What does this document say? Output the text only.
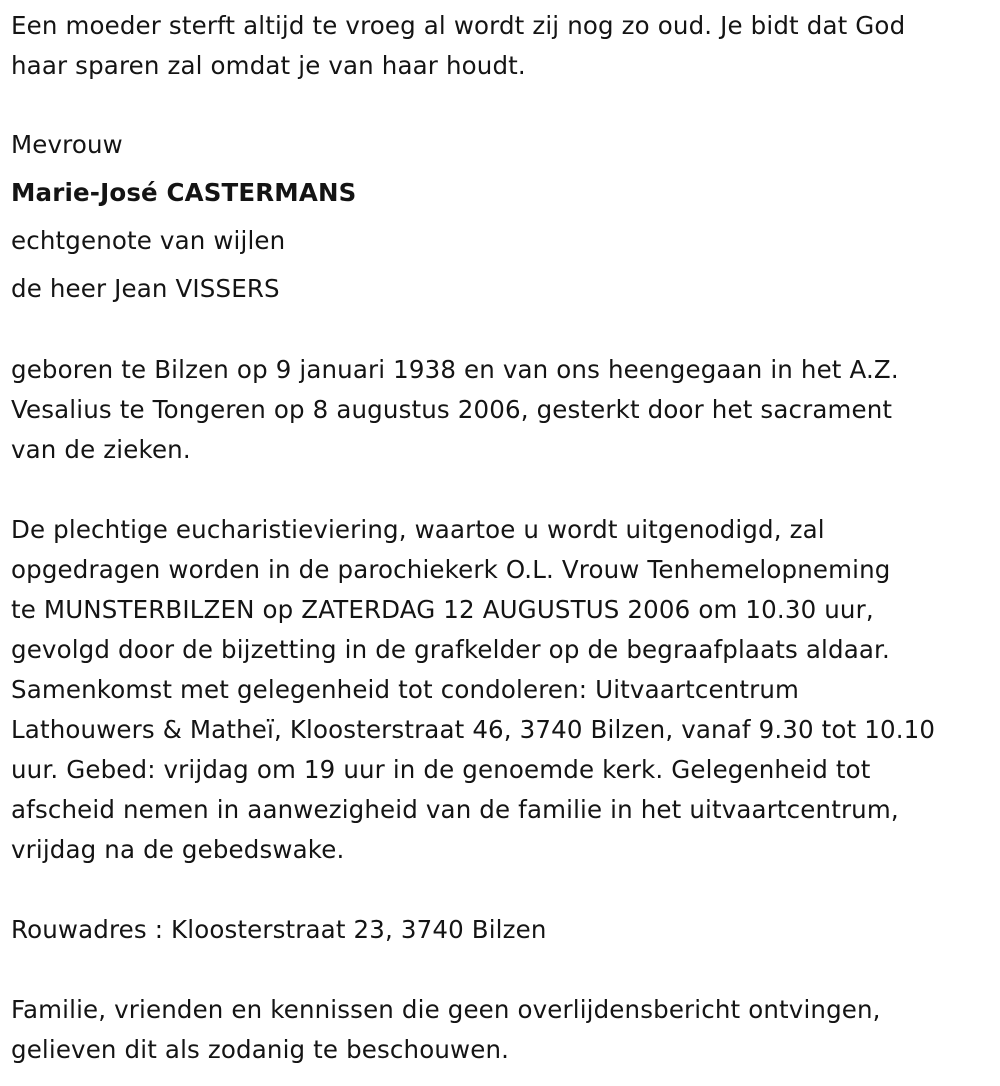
Een moeder sterft altijd te vroeg al wordt zij nog zo oud. Je bidt dat God
haar sparen zal omdat je van haar houdt.
Mevrouw
Marie-José CASTERMANS
echtgenote van wijlen
de heer Jean VISSERS
geboren te Bilzen op 9 januari 1938 en van ons heengegaan in het A.Z.
Vesalius te Tongeren op 8 augustus 2006, gesterkt door het sacrament
van de zieken.
De plechtige eucharistieviering, waartoe u wordt uitgenodigd, zal
opgedragen worden in de parochiekerk O.L. Vrouw Tenhemelopneming
te MUNSTERBILZEN op ZATERDAG 12 AUGUSTUS 2006 om 10.30 uur,
gevolgd door de bijzetting in de grafkelder op de begraafplaats aldaar.
Samenkomst met gelegenheid tot condoleren: Uitvaartcentrum
Lathouwers & Matheï, Kloosterstraat 46, 3740 Bilzen, vanaf 9.30 tot 10.10
uur. Gebed: vrijdag om 19 uur in de genoemde kerk. Gelegenheid tot
afscheid nemen in aanwezigheid van de familie in het uitvaartcentrum,
vrijdag na de gebedswake.
Rouwadres : Kloosterstraat 23, 3740 Bilzen
Familie, vrienden en kennissen die geen overlijdensbericht ontvingen,
gelieven dit als zodanig te beschouwen.
